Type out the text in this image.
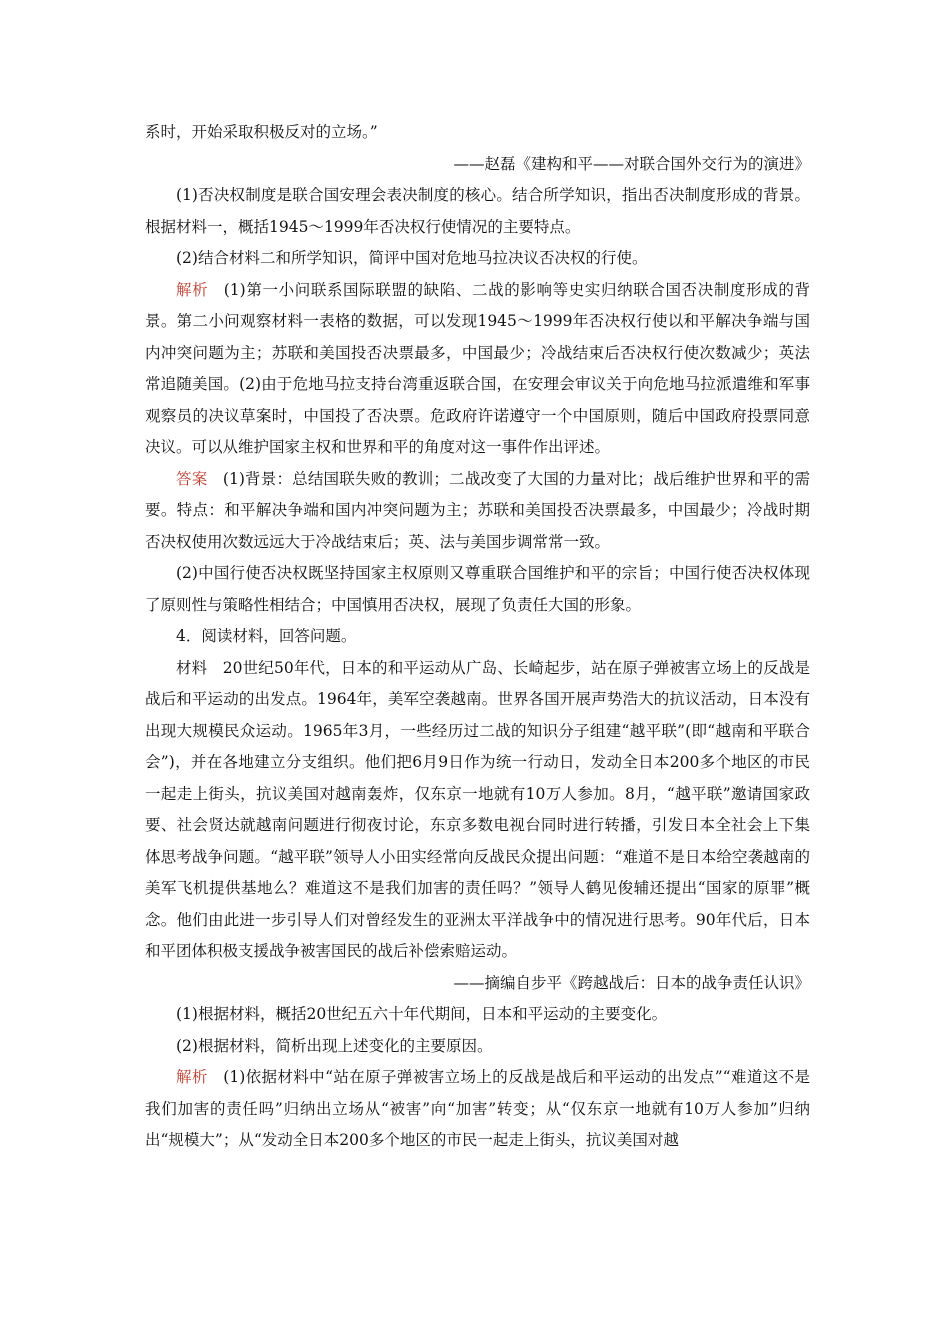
系时，开始采取积极反对的立场。”

——赵磊《建构和平——对联合国外交行为的演进》

(1)否决权制度是联合国安理会表决制度的核心。结合所学知识，指出否决制度形成的背景。根据材料一，概括1945～1999年否决权行使情况的主要特点。

(2)结合材料二和所学知识，简评中国对危地马拉决议否决权的行使。

解析 (1)第一小问联系国际联盟的缺陷、二战的影响等史实归纳联合国否决制度形成的背景。第二小问观察材料一表格的数据，可以发现1945～1999年否决权行使以和平解决争端与国内冲突问题为主；苏联和美国投否决票最多，中国最少；冷战结束后否决权行使次数减少；英法常追随美国。(2)由于危地马拉支持台湾重返联合国，在安理会审议关于向危地马拉派遣维和军事观察员的决议草案时，中国投了否决票。危政府许诺遵守一个中国原则，随后中国政府投票同意决议。可以从维护国家主权和世界和平的角度对这一事件作出评述。

答案 (1)背景：总结国联失败的教训；二战改变了大国的力量对比；战后维护世界和平的需要。特点：和平解决争端和国内冲突问题为主；苏联和美国投否决票最多，中国最少；冷战时期否决权使用次数远远大于冷战结束后；英、法与美国步调常常一致。

(2)中国行使否决权既坚持国家主权原则又尊重联合国维护和平的宗旨；中国行使否决权体现了原则性与策略性相结合；中国慎用否决权，展现了负责任大国的形象。

4．阅读材料，回答问题。

材料 20世纪50年代，日本的和平运动从广岛、长崎起步，站在原子弹被害立场上的反战是战后和平运动的出发点。1964年，美军空袭越南。世界各国开展声势浩大的抗议活动，日本没有出现大规模民众运动。1965年3月，一些经历过二战的知识分子组建“越平联”(即“越南和平联合会”)，并在各地建立分支组织。他们把6月9日作为统一行动日，发动全日本200多个地区的市民一起走上街头，抗议美国对越南轰炸，仅东京一地就有10万人参加。8月，“越平联”邀请国家政要、社会贤达就越南问题进行彻夜讨论，东京多数电视台同时进行转播，引发日本全社会上下集体思考战争问题。“越平联”领导人小田实经常向反战民众提出问题：“难道不是日本给空袭越南的美军飞机提供基地么？难道这不是我们加害的责任吗？”领导人鹤见俊辅还提出“国家的原罪”概念。他们由此进一步引导人们对曾经发生的亚洲太平洋战争中的情况进行思考。90年代后，日本和平团体积极支援战争被害国民的战后补偿索赔运动。

——摘编自步平《跨越战后：日本的战争责任认识》

(1)根据材料，概括20世纪五六十年代期间，日本和平运动的主要变化。

(2)根据材料，简析出现上述变化的主要原因。

解析 (1)依据材料中“站在原子弹被害立场上的反战是战后和平运动的出发点”“难道这不是我们加害的责任吗”归纳出立场从“被害”向“加害”转变；从“仅东京一地就有10万人参加”归纳出“规模大”；从“发动全日本200多个地区的市民一起走上街头，抗议美国对越
